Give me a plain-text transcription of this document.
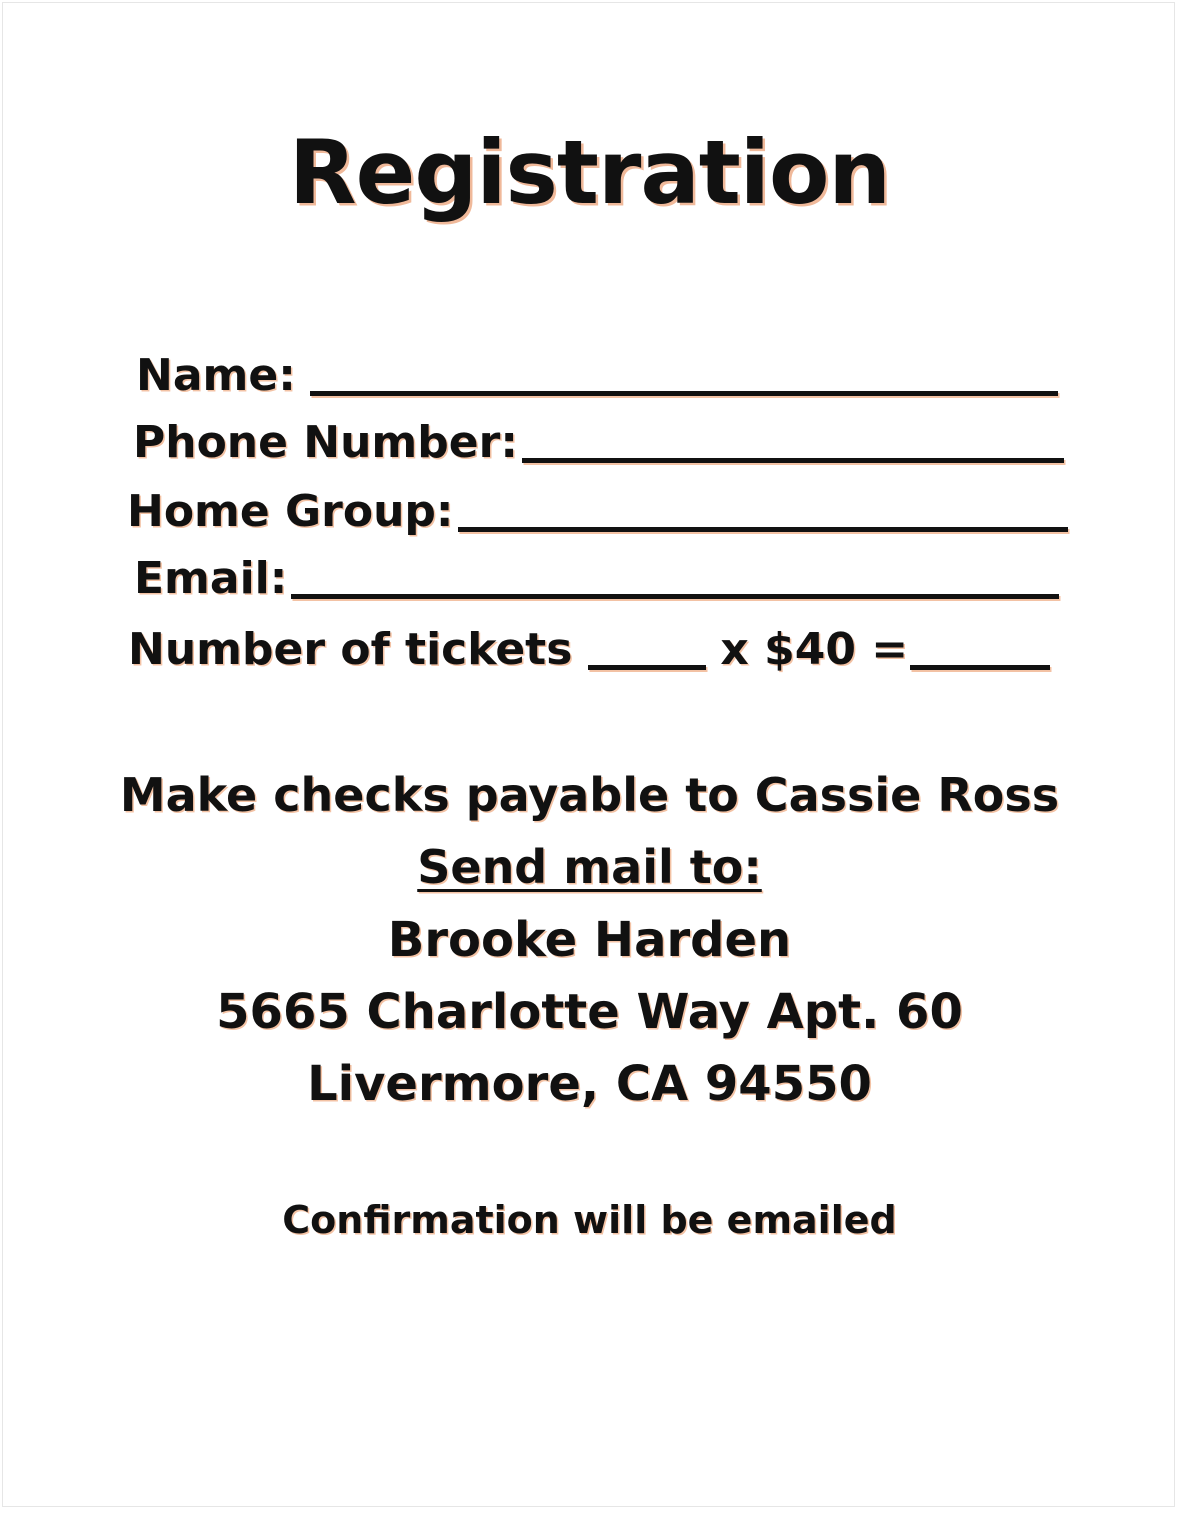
Registration
Name:
Phone Number:
Home Group:
Email:
Number of tickets	x $40 =
Make checks payable to Cassie Ross
Send mail to:
Brooke Harden
5665 Charlotte Way Apt. 60
Livermore, CA 94550
Confirmation will be emailed
